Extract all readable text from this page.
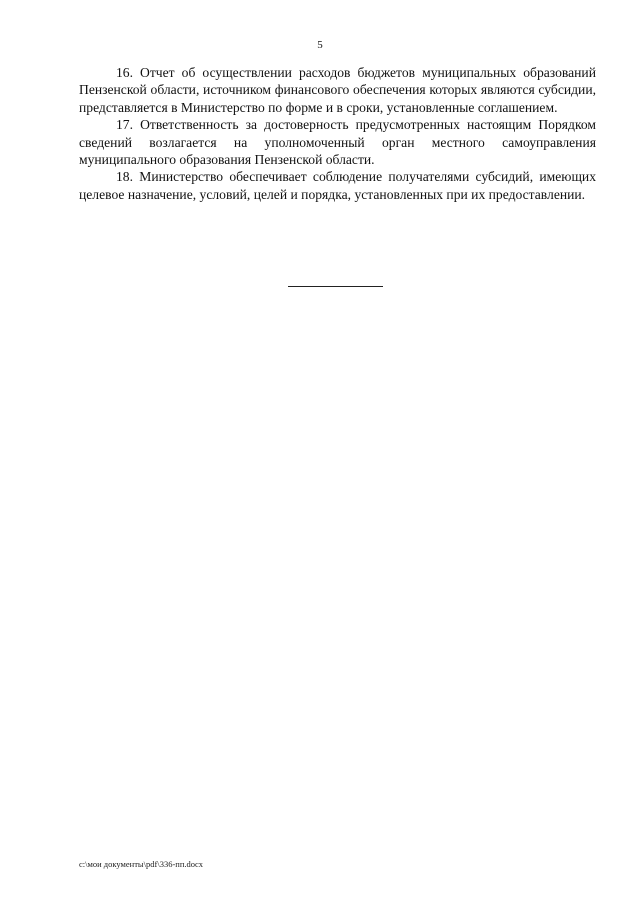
5

16. Отчет об осуществлении расходов бюджетов муниципальных образований Пензенской области, источником финансового обеспечения которых являются субсидии, представляется в Министерство по форме и в сроки, установленные соглашением.

17. Ответственность за достоверность предусмотренных настоящим Порядком сведений возлагается на уполномоченный орган местного самоуправления муниципального образования Пензенской области.

18. Министерство обеспечивает соблюдение получателями субсидий, имеющих целевое назначение, условий, целей и порядка, установленных при их предоставлении.

c:\мои документы\pdf\336-пп.docx
